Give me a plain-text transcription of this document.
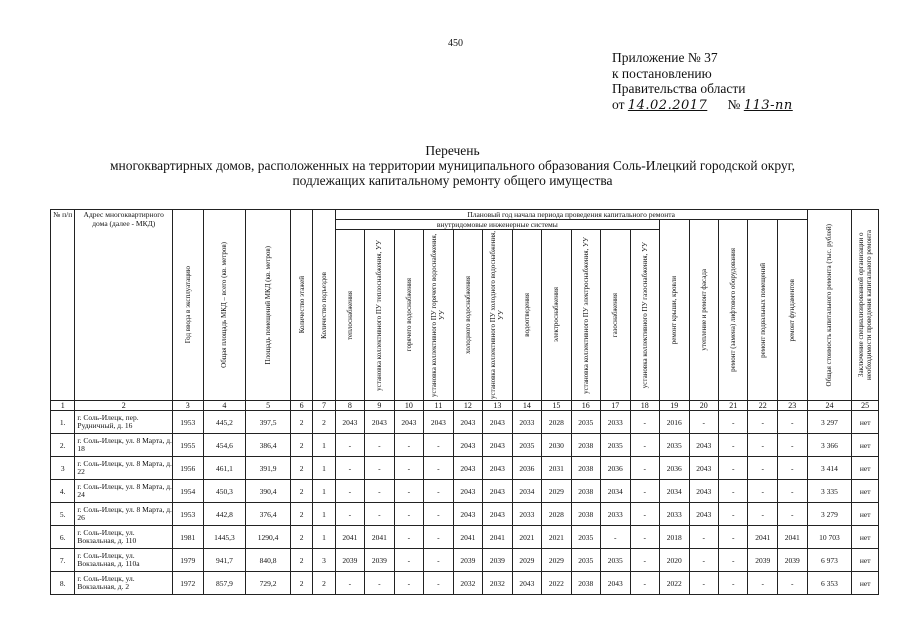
450
Приложение № 37
к постановлению
Правительства области
от 14.02.2017 № 113-пп
Перечень
многоквартирных домов, расположенных на территории муниципального образования Соль-Илецкий городской округ,
подлежащих капитальному ремонту общего имущества
№ п/п	Адрес многоквартирного дома (далее - МКД)	Год ввода в эксплуатацию	Общая площадь МКД – всего (кв. метров)	Площадь помещений МКД (кв. метров)	Количество этажей	Количество подъездов	Плановый год начала периода проведения капитального ремонта																Общая стоимость капитального ремонта (тыс. рублей)	Заключение специализированной организации о необходимости проведения капитального ремонта

							внутридомовые инженерные системы											ремонт крыши, кровли	утепление и ремонт фасада	ремонт (замена) лифтового оборудования	ремонт подвальных помещений	ремонт фундаментов		

							теплоснабжения	установка коллективного ПУ теплоснабжения, УУ	горячего водоснабжения	установка коллективного ПУ горячего водоснабжения, УУ	холодного водоснабжения	установка коллективного ПУ холодного водоснабжения, УУ	водоотведения	электроснабжения	установка коллективного ПУ электроснабжения, УУ	газоснабжения	установка коллективного ПУ газоснабжения, УУ							

1	2	3	4	5	6	7	8	9	10	11	12	13	14	15	16	17	18	19	20	21	22	23	24	25
1.	г. Соль-Илецк, пер. Рудничный, д. 16	1953	445,2	397,5	2	2	2043	2043	2043	2043	2043	2043	2033	2028	2035	2033	-	2016	-	-	-	-	3 297	нет
2.	г. Соль-Илецк, ул. 8 Марта, д. 18	1955	454,6	386,4	2	1	-	-	-	-	2043	2043	2035	2030	2038	2035	-	2035	2043	-	-	-	3 366	нет
3	г. Соль-Илецк, ул. 8 Марта, д. 22	1956	461,1	391,9	2	1	-	-	-	-	2043	2043	2036	2031	2038	2036	-	2036	2043	-	-	-	3 414	нет
4.	г. Соль-Илецк, ул. 8 Марта, д. 24	1954	450,3	390,4	2	1	-	-	-	-	2043	2043	2034	2029	2038	2034	-	2034	2043	-	-	-	3 335	нет
5.	г. Соль-Илецк, ул. 8 Марта, д. 26	1953	442,8	376,4	2	1	-	-	-	-	2043	2043	2033	2028	2038	2033	-	2033	2043	-	-	-	3 279	нет
6.	г. Соль-Илецк, ул. Вокзальная, д. 110	1981	1445,3	1290,4	2	1	2041	2041	-	-	2041	2041	2021	2021	2035	-	-	2018	-	-	2041	2041	10 703	нет
7.	г. Соль-Илецк, ул. Вокзальная, д. 110а	1979	941,7	840,8	2	3	2039	2039	-	-	2039	2039	2029	2029	2035	2035	-	2020	-	-	2039	2039	6 973	нет
8.	г. Соль-Илецк, ул. Вокзальная, д. 2	1972	857,9	729,2	2	2	-	-	-	-	2032	2032	2043	2022	2038	2043	-	2022	-	-	-	-	6 353	нет
